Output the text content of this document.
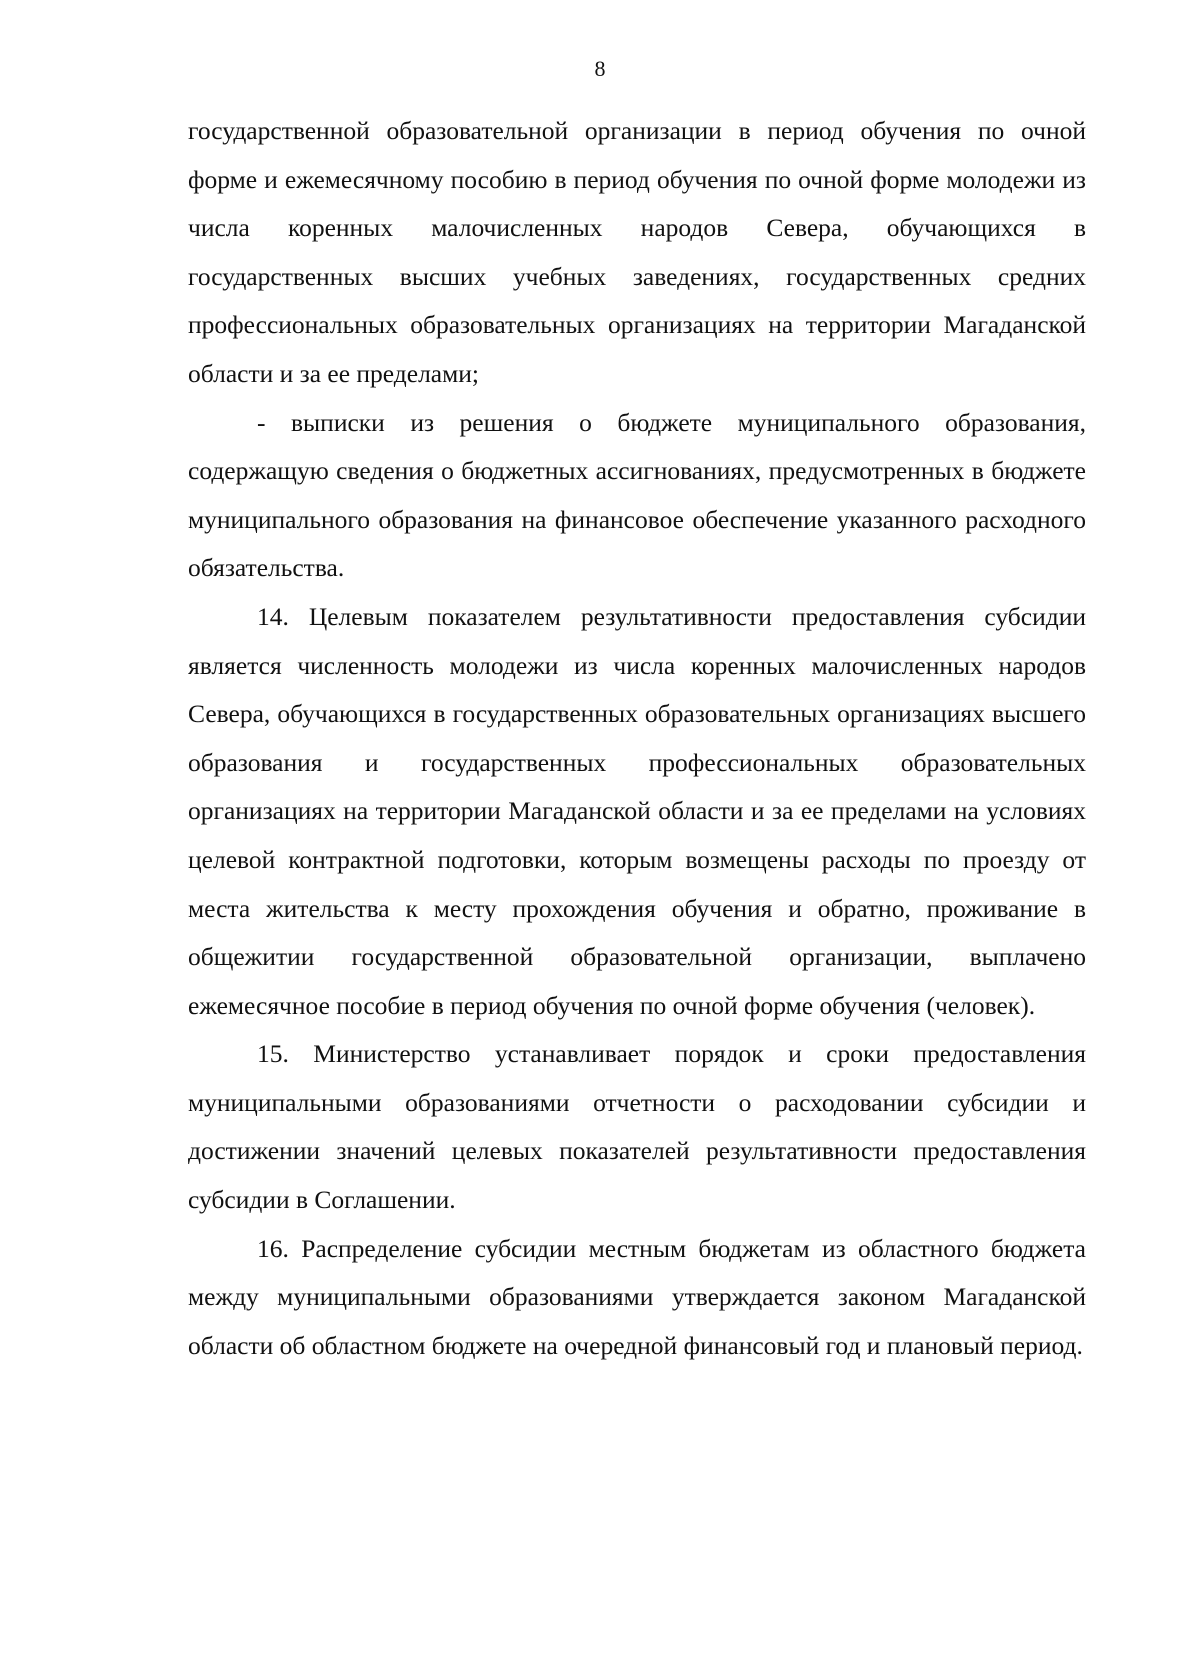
8

государственной образовательной организации в период обучения по очной форме и ежемесячному пособию в период обучения по очной форме молодежи из числа коренных малочисленных народов Севера, обучающихся в государственных высших учебных заведениях, государственных средних профессиональных образовательных организациях на территории Магаданской области и за ее пределами;

- выписки из решения о бюджете муниципального образования, содержащую сведения о бюджетных ассигнованиях, предусмотренных в бюджете муниципального образования на финансовое обеспечение указанного расходного обязательства.

14. Целевым показателем результативности предоставления субсидии является численность молодежи из числа коренных малочисленных народов Севера, обучающихся в государственных образовательных организациях высшего образования и государственных профессиональных образовательных организациях на территории Магаданской области и за ее пределами на условиях целевой контрактной подготовки, которым возмещены расходы по проезду от места жительства к месту прохождения обучения и обратно, проживание в общежитии государственной образовательной организации, выплачено ежемесячное пособие в период обучения по очной форме обучения (человек).

15. Министерство устанавливает порядок и сроки предоставления муниципальными образованиями отчетности о расходовании субсидии и достижении значений целевых показателей результативности предоставления субсидии в Соглашении.

16. Распределение субсидии местным бюджетам из областного бюджета между муниципальными образованиями утверждается законом Магаданской области об областном бюджете на очередной финансовый год и плановый период.
